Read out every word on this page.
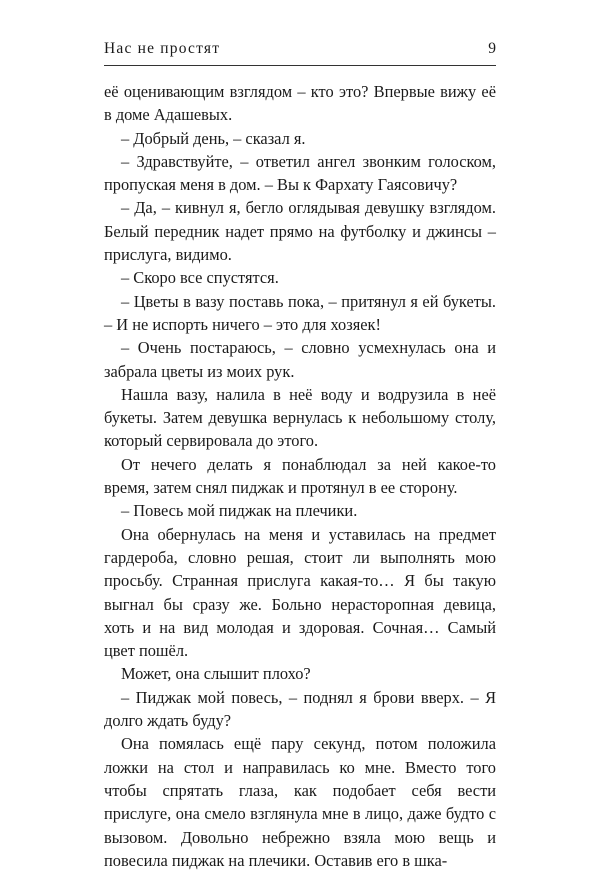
Нас не простят	9

её оценивающим взглядом – кто это? Впервые вижу её в доме Адашевых.

– Добрый день, – сказал я.

– Здравствуйте, – ответил ангел звонким голоском, пропуская меня в дом. – Вы к Фархату Гаясовичу?

– Да, – кивнул я, бегло оглядывая девушку взглядом. Белый передник надет прямо на футболку и джинсы – прислуга, видимо.

– Скоро все спустятся.

– Цветы в вазу поставь пока, – притянул я ей букеты. – И не испорть ничего – это для хозяек!

– Очень постараюсь, – словно усмехнулась она и забрала цветы из моих рук.

Нашла вазу, налила в неё воду и водрузила в неё букеты. Затем девушка вернулась к небольшому столу, который сервировала до этого.

От нечего делать я понаблюдал за ней какое-то время, затем снял пиджак и протянул в ее сторону.

– Повесь мой пиджак на плечики.

Она обернулась на меня и уставилась на предмет гардероба, словно решая, стоит ли выполнять мою просьбу. Странная прислуга какая-то… Я бы такую выгнал бы сразу же. Больно нерасторопная девица, хоть и на вид молодая и здоровая. Сочная… Самый цвет пошёл.

Может, она слышит плохо?

– Пиджак мой повесь, – поднял я брови вверх. – Я долго ждать буду?

Она помялась ещё пару секунд, потом положила ложки на стол и направилась ко мне. Вместо того чтобы спрятать глаза, как подобает себя вести прислуге, она смело взглянула мне в лицо, даже будто с вызовом. Довольно небрежно взяла мою вещь и повесила пиджак на плечики. Оставив его в шка-
